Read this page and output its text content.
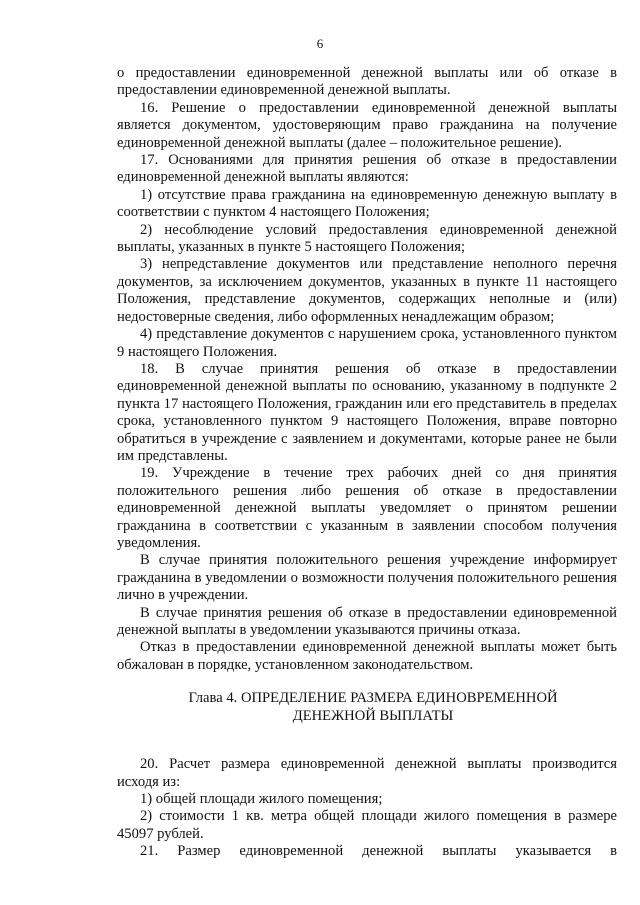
6

о предоставлении единовременной денежной выплаты или об отказе в предоставлении единовременной денежной выплаты.

16. Решение о предоставлении единовременной денежной выплаты является документом, удостоверяющим право гражданина на получение единовременной денежной выплаты (далее – положительное решение).

17. Основаниями для принятия решения об отказе в предоставлении единовременной денежной выплаты являются:

1) отсутствие права гражданина на единовременную денежную выплату в соответствии с пунктом 4 настоящего Положения;

2) несоблюдение условий предоставления единовременной денежной выплаты, указанных в пункте 5 настоящего Положения;

3) непредставление документов или представление неполного перечня документов, за исключением документов, указанных в пункте 11 настоящего Положения, представление документов, содержащих неполные и (или) недостоверные сведения, либо оформленных ненадлежащим образом;

4) представление документов с нарушением срока, установленного пунктом 9 настоящего Положения.

18. В случае принятия решения об отказе в предоставлении единовременной денежной выплаты по основанию, указанному в подпункте 2 пункта 17 настоящего Положения, гражданин или его представитель в пределах срока, установленного пунктом 9 настоящего Положения, вправе повторно обратиться в учреждение с заявлением и документами, которые ранее не были им представлены.

19. Учреждение в течение трех рабочих дней со дня принятия положительного решения либо решения об отказе в предоставлении единовременной денежной выплаты уведомляет о принятом решении гражданина в соответствии с указанным в заявлении способом получения уведомления.

В случае принятия положительного решения учреждение информирует гражданина в уведомлении о возможности получения положительного решения лично в учреждении.

В случае принятия решения об отказе в предоставлении единовременной денежной выплаты в уведомлении указываются причины отказа.

Отказ в предоставлении единовременной денежной выплаты может быть обжалован в порядке, установленном законодательством.

Глава 4. ОПРЕДЕЛЕНИЕ РАЗМЕРА ЕДИНОВРЕМЕННОЙ
ДЕНЕЖНОЙ ВЫПЛАТЫ

20. Расчет размера единовременной денежной выплаты производится исходя из:

1) общей площади жилого помещения;

2) стоимости 1 кв. метра общей площади жилого помещения в размере 45097 рублей.

21. Размер единовременной денежной выплаты указывается в
